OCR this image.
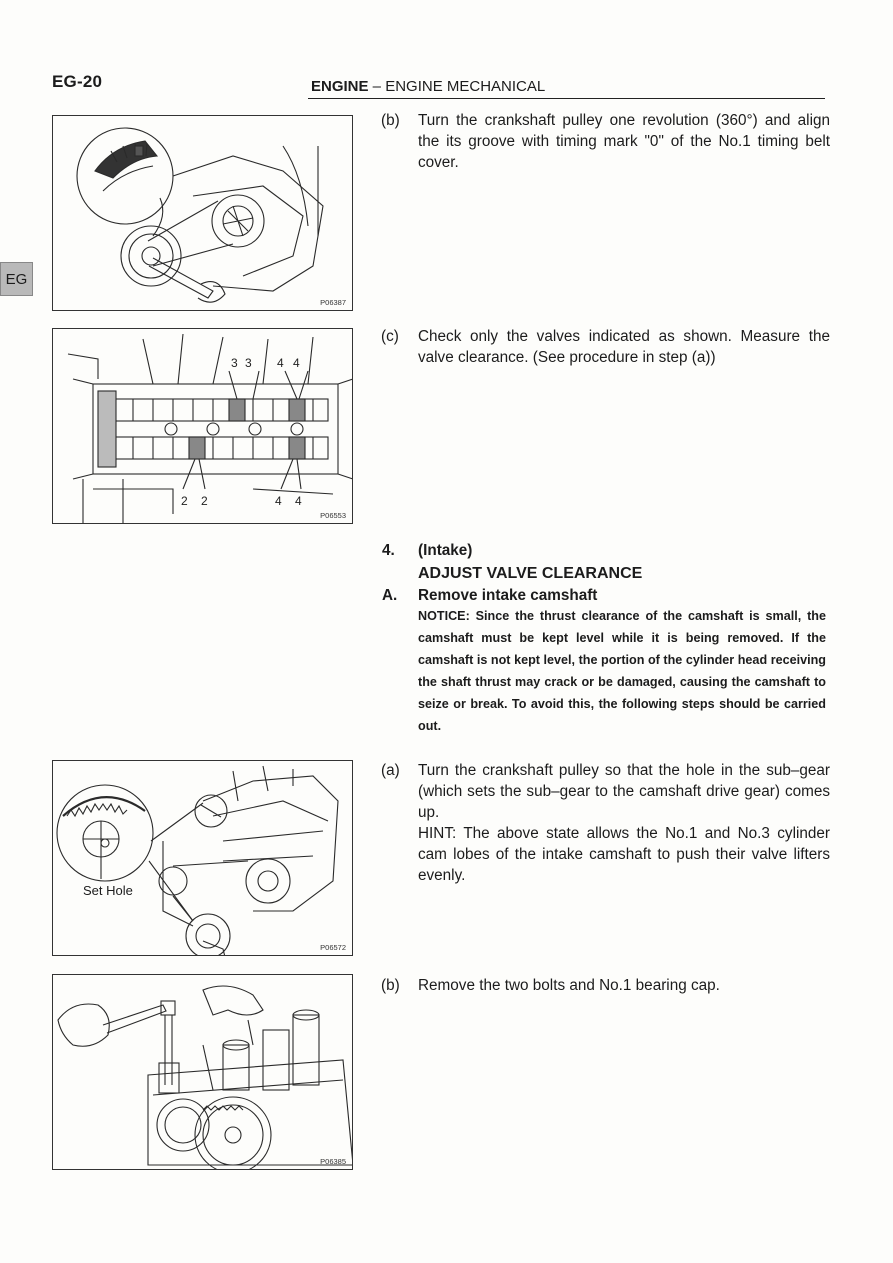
EG-20	ENGINE – ENGINE MECHANICAL
EG
P06387
3 3 4 4
2 2	4 4
P06553
Set Hole
P06572
P06385
(b) Turn the crankshaft pulley one revolution (360°) and align the its groove with timing mark "0" of the No.1 timing belt cover.
(c) Check only the valves indicated as shown. Measure the valve clearance. (See procedure in step (a))
4. (Intake)
ADJUST VALVE CLEARANCE
A. Remove intake camshaft
NOTICE: Since the thrust clearance of the camshaft is small, the camshaft must be kept level while it is being removed. If the camshaft is not kept level, the portion of the cylinder head receiving the shaft thrust may crack or be damaged, causing the camshaft to seize or break. To avoid this, the following steps should be carried out.
(a) Turn the crankshaft pulley so that the hole in the sub–gear (which sets the sub–gear to the camshaft drive gear) comes up.
HINT: The above state allows the No.1 and No.3 cylinder cam lobes of the intake camshaft to push their valve lifters evenly.
(b) Remove the two bolts and No.1 bearing cap.
